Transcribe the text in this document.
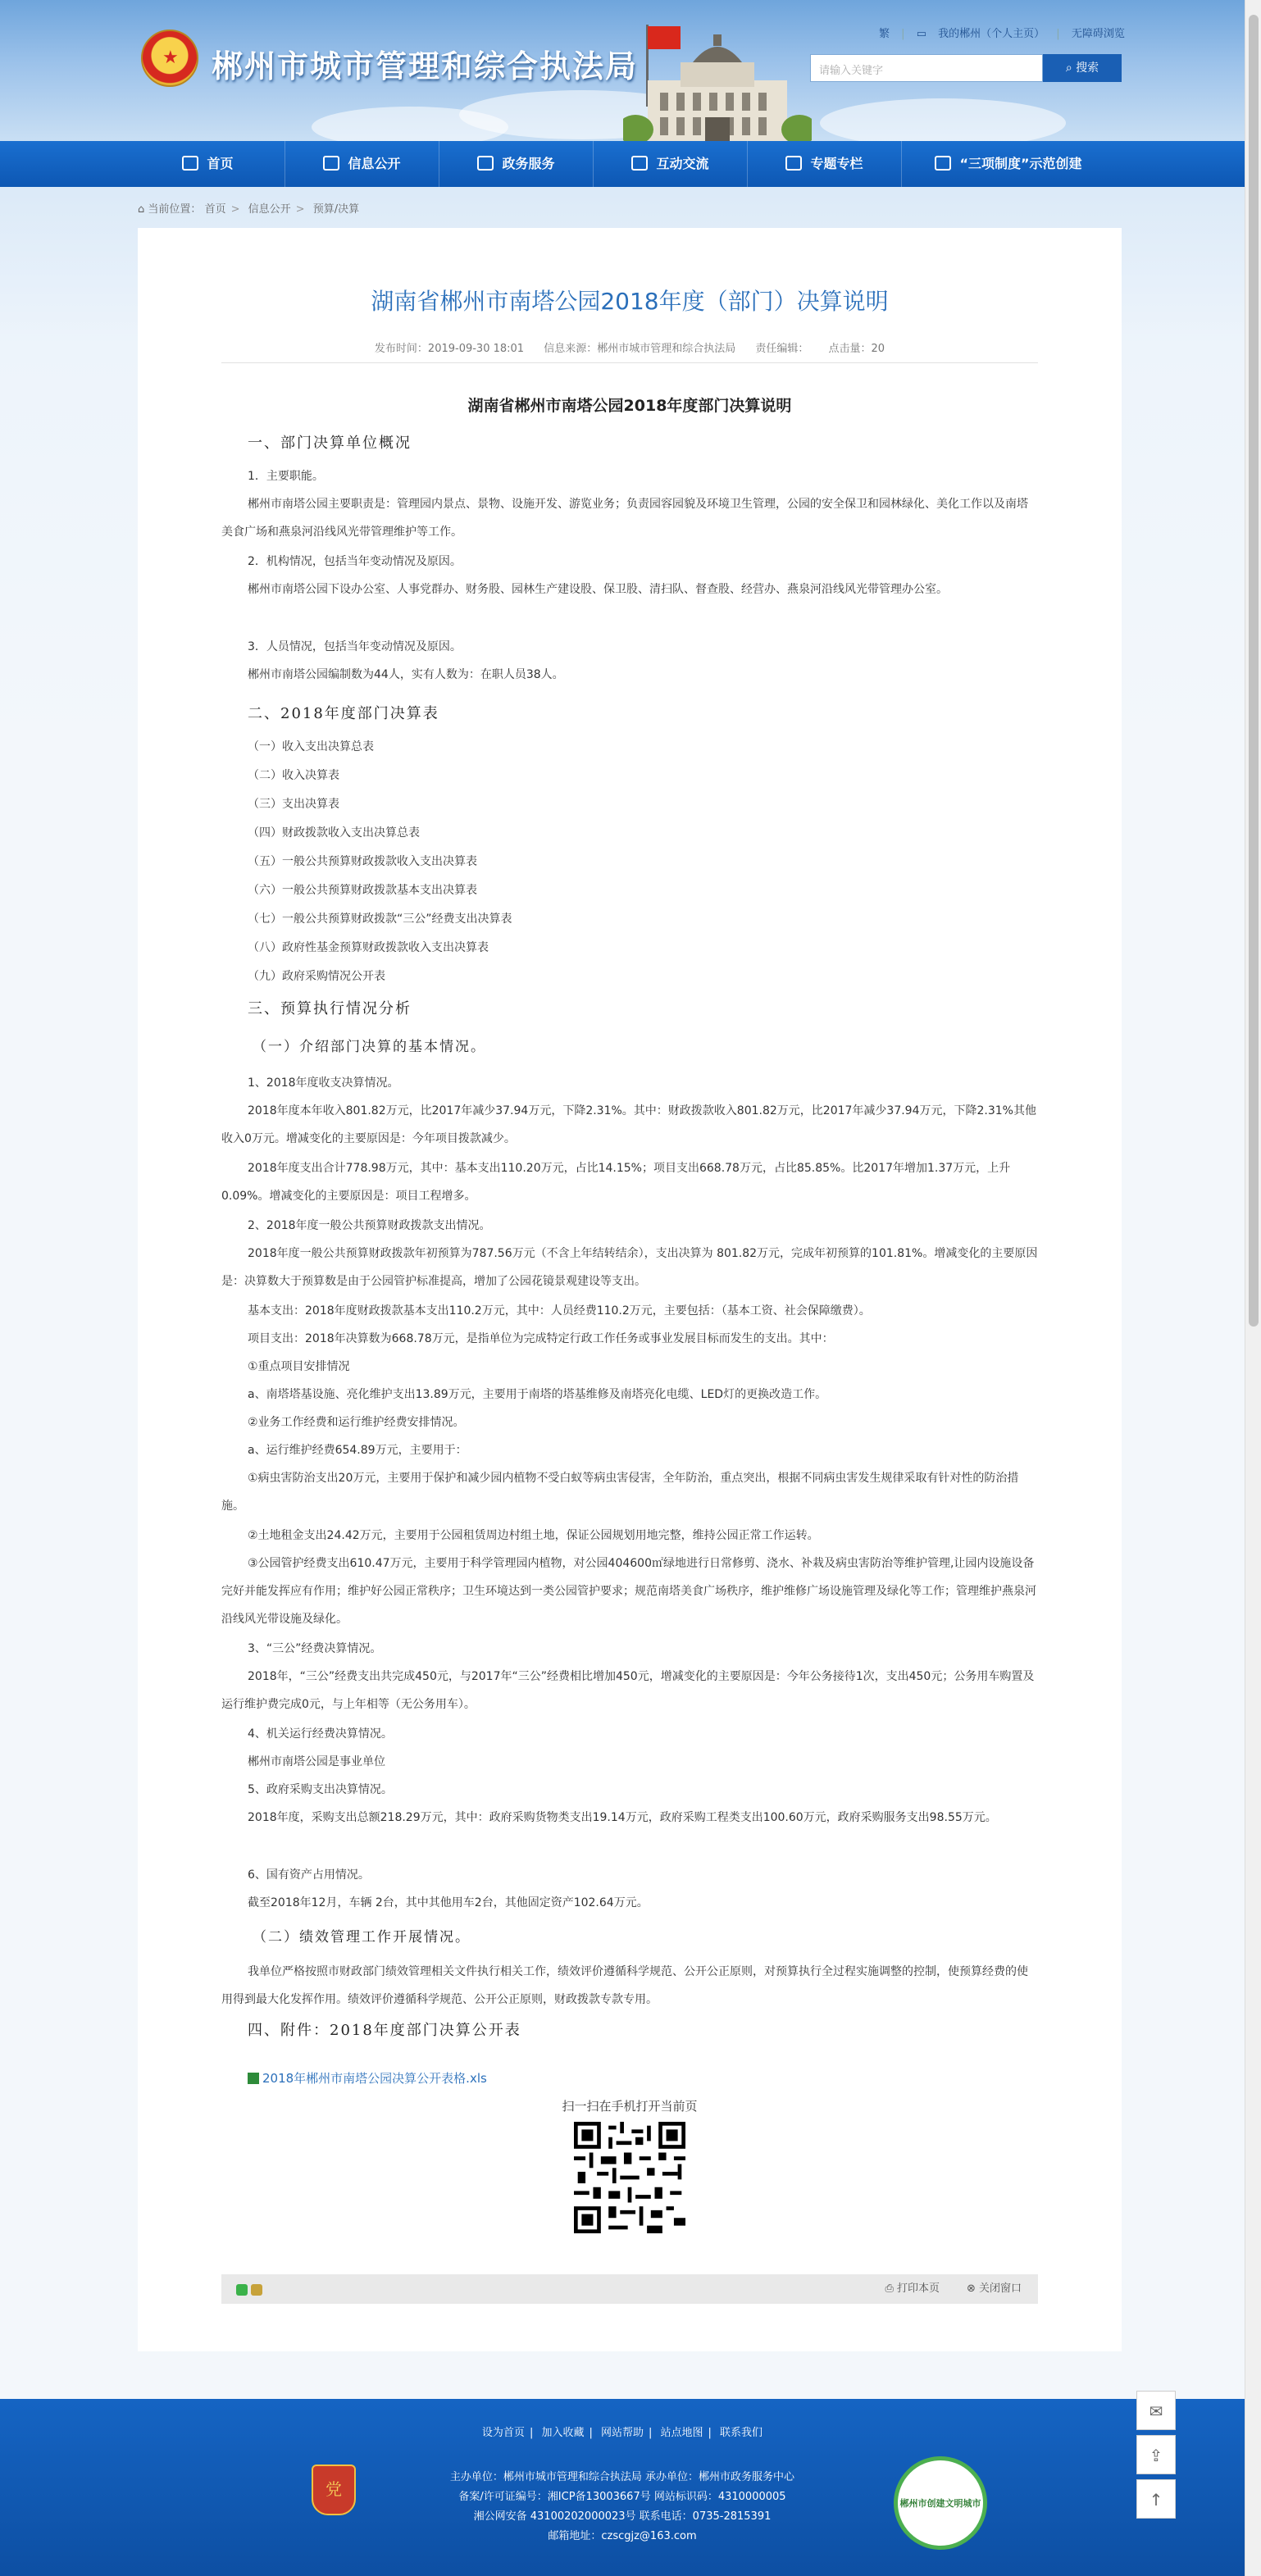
★ 郴州市城市管理和综合执法局
繁 | ▭ 我的郴州（个人主页） | 无障碍浏览
请输入关键字	⌕ 搜索
首页	信息公开	政务服务	互动交流	专题专栏	“三项制度”示范创建
⌂ 当前位置： 首页 > 信息公开 > 预算/决算
湖南省郴州市南塔公园2018年度（部门）决算说明
发布时间：2019-09-30 18:01 信息来源：郴州市城市管理和综合执法局 责任编辑： 点击量：20
湖南省郴州市南塔公园2018年度部门决算说明
一、部门决算单位概况
1．主要职能。
郴州市南塔公园主要职责是：管理园内景点、景物、设施开发、游览业务；负责园容园貌及环境卫生管理，公园的安全保卫和园林绿化、美化工作以及南塔美食广场和燕泉河沿线风光带管理维护等工作。
2．机构情况，包括当年变动情况及原因。
郴州市南塔公园下设办公室、人事党群办、财务股、园林生产建设股、保卫股、清扫队、督查股、经营办、燕泉河沿线风光带管理办公室。
3．人员情况，包括当年变动情况及原因。
郴州市南塔公园编制数为44人，实有人数为：在职人员38人。
二、2018年度部门决算表
（一）收入支出决算总表
（二）收入决算表
（三）支出决算表
（四）财政拨款收入支出决算总表
（五）一般公共预算财政拨款收入支出决算表
（六）一般公共预算财政拨款基本支出决算表
（七）一般公共预算财政拨款“三公”经费支出决算表
（八）政府性基金预算财政拨款收入支出决算表
（九）政府采购情况公开表
三、预算执行情况分析
（一）介绍部门决算的基本情况。
1、2018年度收支决算情况。
2018年度本年收入801.82万元，比2017年减少37.94万元，下降2.31%。其中：财政拨款收入801.82万元，比2017年减少37.94万元，下降2.31%其他收入0万元。增减变化的主要原因是：今年项目拨款减少。
2018年度支出合计778.98万元，其中：基本支出110.20万元，占比14.15%；项目支出668.78万元，占比85.85%。比2017年增加1.37万元，上升0.09%。增减变化的主要原因是：项目工程增多。
2、2018年度一般公共预算财政拨款支出情况。
2018年度一般公共预算财政拨款年初预算为787.56万元（不含上年结转结余），支出决算为 801.82万元，完成年初预算的101.81%。增减变化的主要原因是：决算数大于预算数是由于公园管护标准提高，增加了公园花镜景观建设等支出。
基本支出：2018年度财政拨款基本支出110.2万元，其中：人员经费110.2万元，主要包括：（基本工资、社会保障缴费）。
项目支出：2018年决算数为668.78万元，是指单位为完成特定行政工作任务或事业发展目标而发生的支出。其中：
①重点项目安排情况
a、南塔塔基设施、亮化维护支出13.89万元，主要用于南塔的塔基维修及南塔亮化电缆、LED灯的更换改造工作。
②业务工作经费和运行维护经费安排情况。
a、运行维护经费654.89万元，主要用于：
①病虫害防治支出20万元，主要用于保护和减少园内植物不受白蚁等病虫害侵害，全年防治，重点突出，根据不同病虫害发生规律采取有针对性的防治措施。
②土地租金支出24.42万元，主要用于公园租赁周边村组土地，保证公园规划用地完整，维持公园正常工作运转。
③公园管护经费支出610.47万元，主要用于科学管理园内植物，对公园404600㎡绿地进行日常修剪、浇水、补栽及病虫害防治等维护管理,让园内设施设备完好并能发挥应有作用；维护好公园正常秩序；卫生环境达到一类公园管护要求；规范南塔美食广场秩序，维护维修广场设施管理及绿化等工作；管理维护燕泉河沿线风光带设施及绿化。
3、“三公”经费决算情况。
2018年，“三公”经费支出共完成450元，与2017年“三公”经费相比增加450元，增减变化的主要原因是：今年公务接待1次，支出450元；公务用车购置及运行维护费完成0元，与上年相等（无公务用车）。
4、机关运行经费决算情况。
郴州市南塔公园是事业单位
5、政府采购支出决算情况。
2018年度，采购支出总额218.29万元，其中：政府采购货物类支出19.14万元，政府采购工程类支出100.60万元，政府采购服务支出98.55万元。
6、国有资产占用情况。
截至2018年12月，车辆 2台，其中其他用车2台，其他固定资产102.64万元。
（二）绩效管理工作开展情况。
我单位严格按照市财政部门绩效管理相关文件执行相关工作，绩效评价遵循科学规范、公开公正原则，对预算执行全过程实施调整的控制，使预算经费的使用得到最大化发挥作用。绩效评价遵循科学规范、公开公正原则，财政拨款专款专用。
四、附件：2018年度部门决算公开表
2018年郴州市南塔公园决算公开表格.xls
扫一扫在手机打开当前页
⎙ 打印本页	⊗ 关闭窗口
设为首页 | 加入收藏 | 网站帮助 | 站点地图 | 联系我们
党
主办单位：郴州市城市管理和综合执法局 承办单位：郴州市政务服务中心
备案/许可证编号：湘ICP备13003667号 网站标识码：4310000005
湘公网安备 43100202000023号 联系电话：0735-2815391
邮箱地址：czscgjz@163.com
郴州市创建文明城市
✉
⇪
↑
